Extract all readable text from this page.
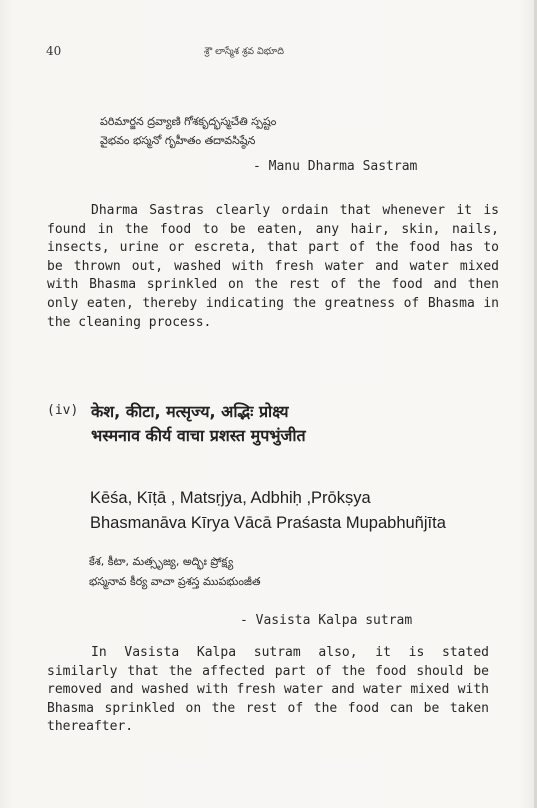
40	శ్రౌ లాస్మేశ శ్రవ విభూది
పరిమార్జన ద్రవ్యాణి గోశకృద్భస్మచేతి స్పష్టం
వైభవం భస్మనో గృహీతం తదావసిష్ఠేన
- Manu Dharma Sastram
Dharma Sastras clearly ordain that whenever it is found in the food to be eaten, any hair, skin, nails, insects, urine or escreta, that part of the food has to be thrown out, washed with fresh water and water mixed with Bhasma sprinkled on the rest of the food and then only eaten, thereby indicating the greatness of Bhasma in the cleaning process.
(iv) केश, कीटा, मत्सृज्य, अद्भिः प्रोक्ष्य
भस्मनाव कीर्य वाचा प्रशस्त मुपभुंजीत
Kēśa, Kīṭā , Matsṛjya, Adbhiḥ ,Prōkṣya
Bhasmanāva Kīrya Vācā Praśasta Mupabhuñjīta
కేశ, కీటా, మత్సృజ్య, అద్భిః ప్రోక్ష్య
భస్మనావ కీర్య వాచా ప్రశస్త ముపభుంజీత
- Vasista Kalpa sutram
In Vasista Kalpa sutram also, it is stated similarly that the affected part of the food should be removed and washed with fresh water and water mixed with Bhasma sprinkled on the rest of the food can be taken thereafter.
